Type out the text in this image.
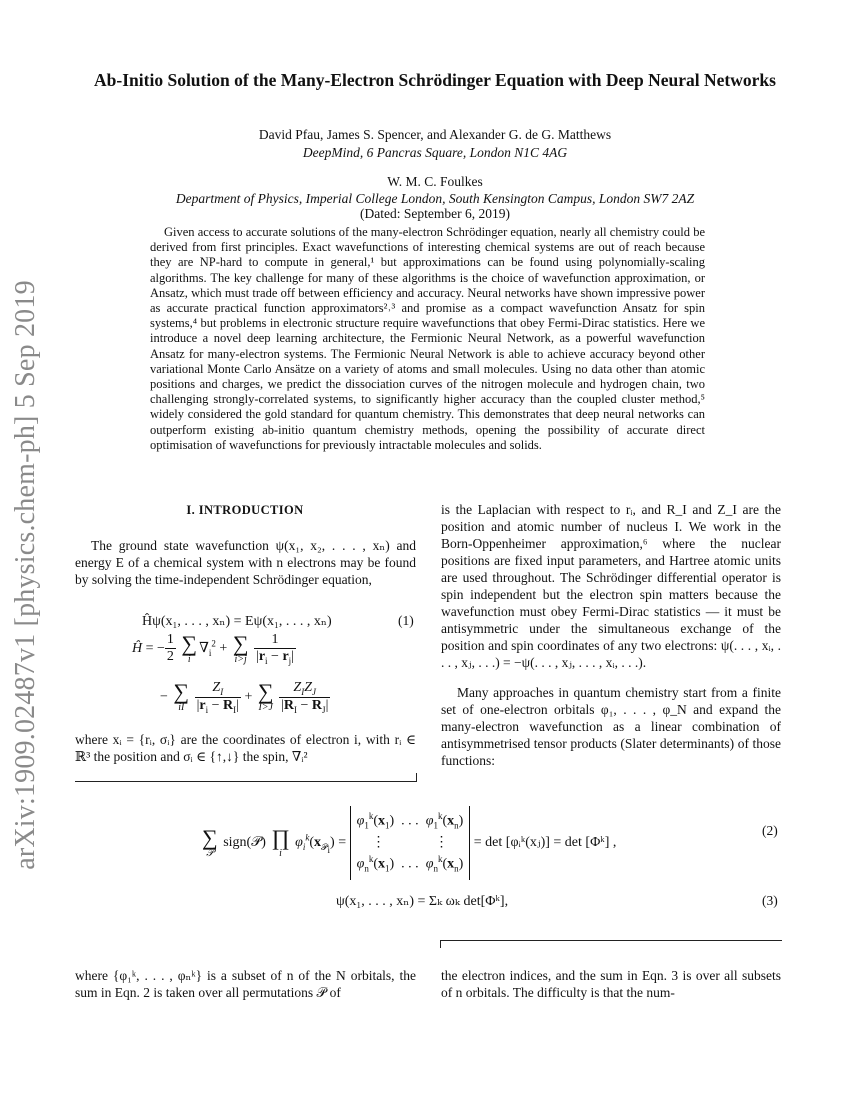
arXiv:1909.02487v1 [physics.chem-ph] 5 Sep 2019
Ab-Initio Solution of the Many-Electron Schrödinger Equation with Deep Neural Networks
David Pfau, James S. Spencer, and Alexander G. de G. Matthews
DeepMind, 6 Pancras Square, London N1C 4AG
W. M. C. Foulkes
Department of Physics, Imperial College London, South Kensington Campus, London SW7 2AZ
(Dated: September 6, 2019)

Given access to accurate solutions of the many-electron Schrödinger equation, nearly all chemistry could be derived from first principles. Exact wavefunctions of interesting chemical systems are out of reach because they are NP-hard to compute in general,¹ but approximations can be found using polynomially-scaling algorithms. The key challenge for many of these algorithms is the choice of wavefunction approximation, or Ansatz, which must trade off between efficiency and accuracy. Neural networks have shown impressive power as accurate practical function approximators²˒³ and promise as a compact wavefunction Ansatz for spin systems,⁴ but problems in electronic structure require wavefunctions that obey Fermi-Dirac statistics. Here we introduce a novel deep learning architecture, the Fermionic Neural Network, as a powerful wavefunction Ansatz for many-electron systems. The Fermionic Neural Network is able to achieve accuracy beyond other variational Monte Carlo Ansätze on a variety of atoms and small molecules. Using no data other than atomic positions and charges, we predict the dissociation curves of the nitrogen molecule and hydrogen chain, two challenging strongly-correlated systems, to significantly higher accuracy than the coupled cluster method,⁵ widely considered the gold standard for quantum chemistry. This demonstrates that deep neural networks can outperform existing ab-initio quantum chemistry methods, opening the possibility of accurate direct optimisation of wavefunctions for previously intractable molecules and solids.

I. INTRODUCTION

The ground state wavefunction ψ(x₁, x₂, . . . , xₙ) and energy E of a chemical system with n electrons may be found by solving the time-independent Schrödinger equation,

Ĥψ(x₁, . . . , xₙ) = Eψ(x₁, . . . , xₙ)	(1)
Ĥ = − $\frac{1}{2}$
∑
i
$\nabla_i^2$ + ∑
i>j
$\frac{1}{|r_i - r_j|}$
− ∑
iI
$\frac{Z_I}{|r_i - R_I|}$ + ∑
I>J
$\frac{Z_IZ_J}{|R_I - R_J|}$

where xᵢ = {rᵢ, σᵢ} are the coordinates of electron i, with rᵢ ∈ ℝ³ the position and σᵢ ∈ {↑,↓} the spin, ∇ᵢ²

is the Laplacian with respect to rᵢ, and R_I and Z_I are the position and atomic number of nucleus I. We work in the Born-Oppenheimer approximation,⁶ where the nuclear positions are fixed input parameters, and Hartree atomic units are used throughout. The Schrödinger differential operator is spin independent but the electron spin matters because the wavefunction must obey Fermi-Dirac statistics — it must be antisymmetric under the simultaneous exchange of the position and spin coordinates of any two electrons: ψ(. . . , xᵢ, . . . , xⱼ, . . .) = −ψ(. . . , xⱼ, . . . , xᵢ, . . .).

Many approaches in quantum chemistry start from a finite set of one-electron orbitals φ₁, . . . , φ_N and expand the many-electron wavefunction as a linear combination of antisymmetrised tensor products (Slater determinants) of those functions:

∑
𝒫
sign(𝒫) ∏
i
$\varphi_i^k(x_{𝒫_i}) = \varphi_1^k(x_1)$  . . .  $\varphi_1^k(x_n)$
⋮              ⋮
$\varphi_n^k(x_1)$  . . .  $\varphi_n^k(x_n) = \det$ [φᵢᵏ(xⱼ)] = det [Φᵏ] ,
(2)
ψ(x₁, . . . , xₙ) = Σₖ ωₖ det[Φᵏ],	(3)

where {φ₁ᵏ, . . . , φₙᵏ} is a subset of n of the N orbitals, the sum in Eqn. 2 is taken over all permutations 𝒫 of

the electron indices, and the sum in Eqn. 3 is over all subsets of n orbitals. The difficulty is that the num-
